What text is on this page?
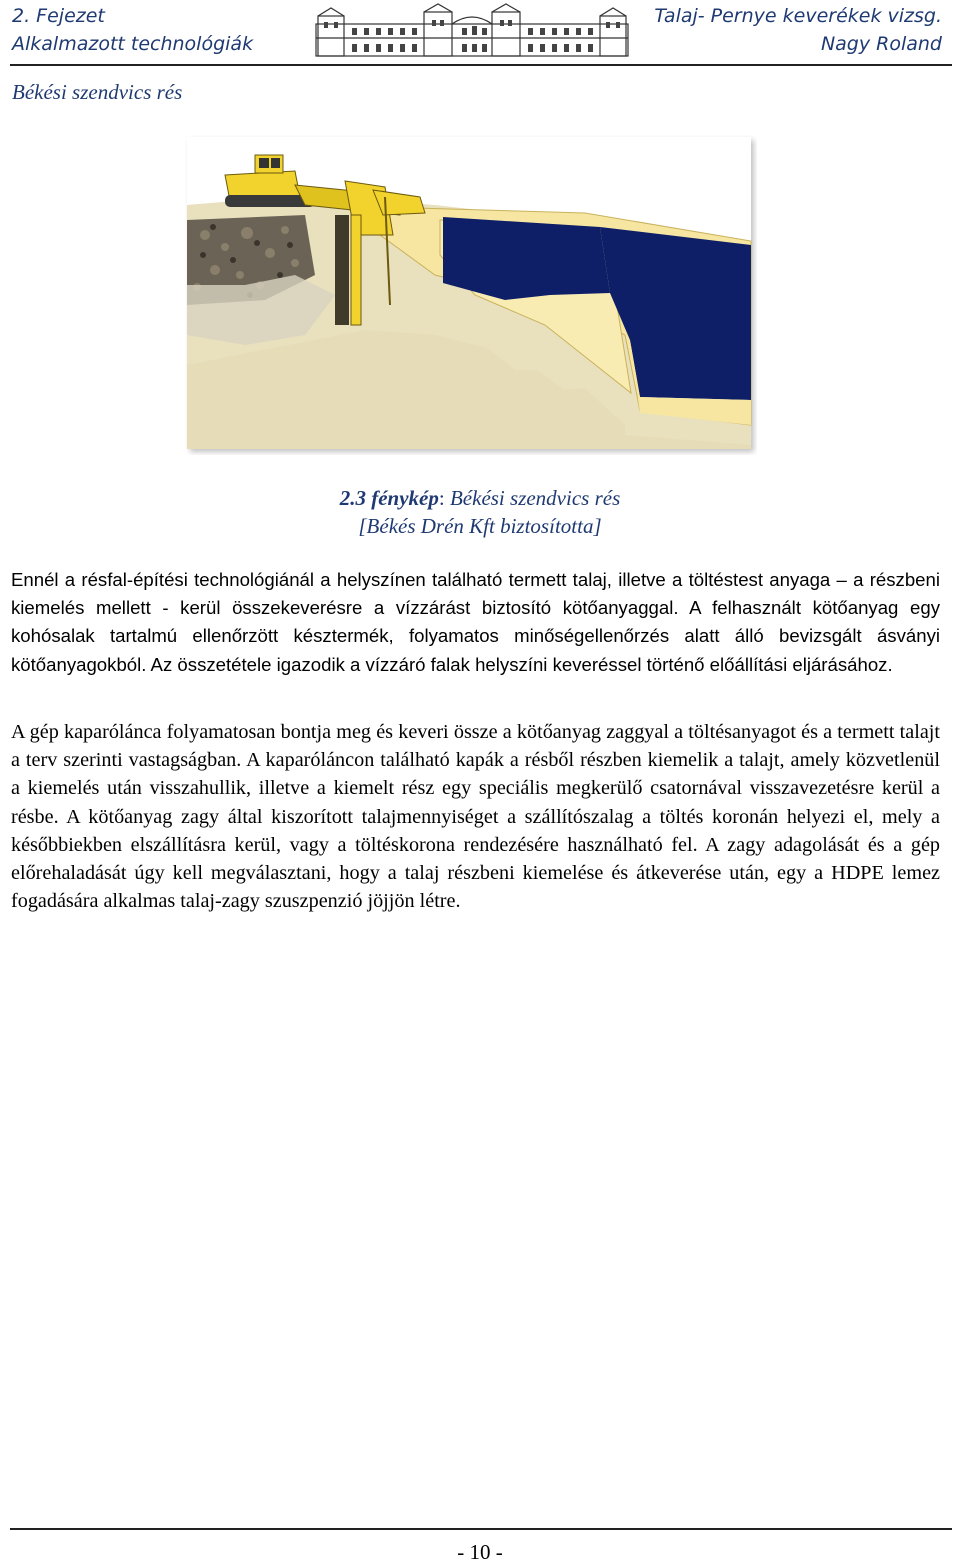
2. Fejezet
Alkalmazott technológiák
Talaj- Pernye keverékek vizsg.
Nagy Roland
Békési szendvics rés
2.3 fénykép: Békési szendvics rés
[Békés Drén Kft biztosította]
Ennél a résfal-építési technológiánál a helyszínen található termett talaj, illetve a töltéstest anyaga – a részbeni kiemelés mellett - kerül összekeverésre a vízzárást biztosító kötőanyaggal. A felhasznált kötőanyag egy kohósalak tartalmú ellenőrzött késztermék, folyamatos minőségellenőrzés alatt álló bevizsgált ásványi kötőanyagokból. Az összetétele igazodik a vízzáró falak helyszíni keveréssel történő előállítási eljárásához.
A gép kaparólánca folyamatosan bontja meg és keveri össze a kötőanyag zaggyal a töltésanyagot és a termett talajt a terv szerinti vastagságban. A kaparóláncon található kapák a résből részben kiemelik a talajt, amely közvetlenül a kiemelés után visszahullik, illetve a kiemelt rész egy speciális megkerülő csatornával visszavezetésre kerül a résbe. A kötőanyag zagy által kiszorított talajmennyiséget a szállítószalag a töltés koronán helyezi el, mely a későbbiekben elszállításra kerül, vagy a töltéskorona rendezésére használható fel. A zagy adagolását és a gép előrehaladását úgy kell megválasztani, hogy a talaj részbeni kiemelése és átkeverése után, egy a HDPE lemez fogadására alkalmas talaj-zagy szuszpenzió jöjjön létre.
- 10 -
